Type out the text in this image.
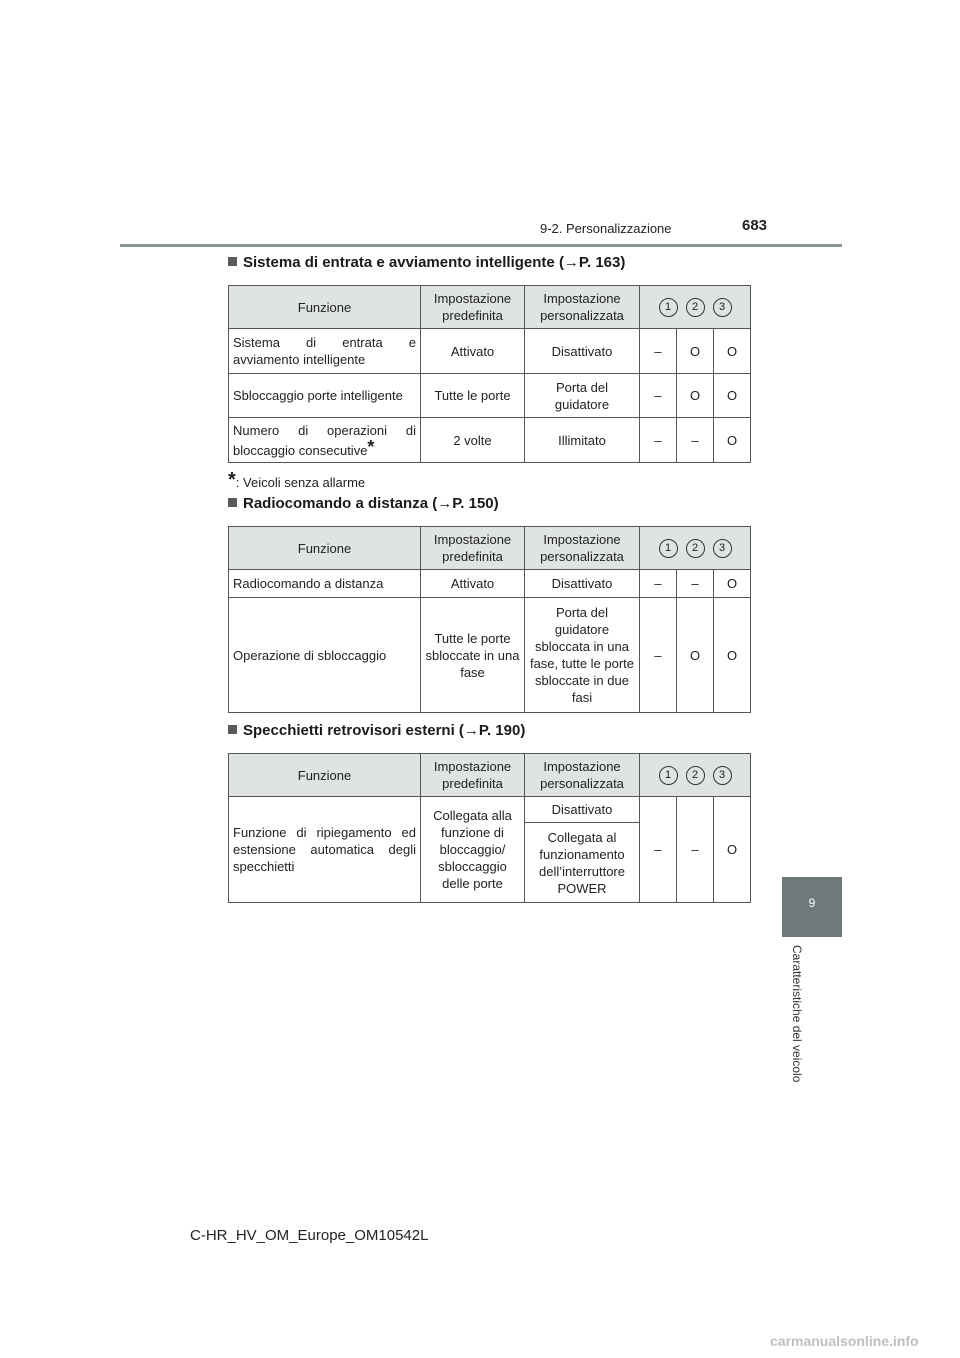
9-2. Personalizzazione	683
9
Caratteristiche del veicolo
Sistema di entrata e avviamento intelligente (→P. 163)
Funzione	Impostazione predefinita	Impostazione personalizzata	1 2 3		

Sistema di entrata e avviamento intelligente	Attivato	Disattivato	–	O	O
Sbloccaggio porte intelligente	Tutte le porte	Porta del guidatore	–	O	O
Numero di operazioni di bloccaggio consecutive*	2 volte	Illimitato	–	–	O
*: Veicoli senza allarme
Radiocomando a distanza (→P. 150)
Funzione	Impostazione predefinita	Impostazione personalizzata	1 2 3		

Radiocomando a distanza	Attivato	Disattivato	–	–	O
Operazione di sbloccaggio	Tutte le porte sbloccate in una fase	Porta del guidatore sbloccata in una fase, tutte le porte sbloccate in due fasi	–	O	O
Specchietti retrovisori esterni (→P. 190)
Funzione	Impostazione predefinita	Impostazione personalizzata	1 2 3		

Funzione di ripiegamento ed estensione automatica degli specchietti	Collegata alla funzione di bloccaggio/ sbloccaggio delle porte	Disattivato	–	–	O
		Collegata al funzionamento dell’interruttore POWER			
C-HR_HV_OM_Europe_OM10542L
carmanualsonline.info
